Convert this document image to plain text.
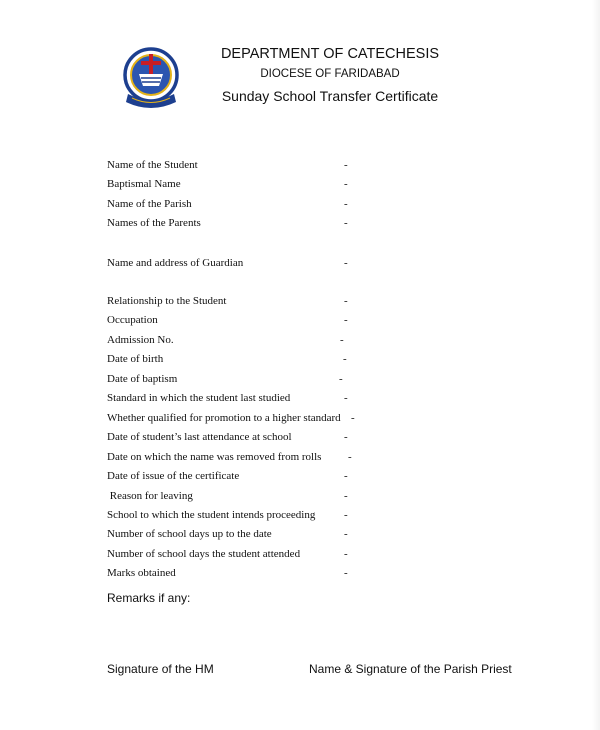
DEPARTMENT OF CATECHESIS
DIOCESE OF FARIDABAD
Sunday School Transfer Certificate
Name of the Student	-
Baptismal Name	-
Name of the Parish	-
Names of the Parents	-
Name and address of Guardian	-
Relationship to the Student	-
Occupation	-
Admission No.	-
Date of birth	-
Date of baptism	-
Standard in which the student last studied	-
Whether qualified for promotion to a higher standard -
Date of student’s last attendance at school	-
Date on which the name was removed from rolls -
Date of issue of the certificate	-
Reason for leaving	-
School to which the student intends proceeding	-
Number of school days up to the date	-
Number of school days the student attended	-
Marks obtained	-
Remarks if any:
Signature of the HM	Name & Signature of the Parish Priest
